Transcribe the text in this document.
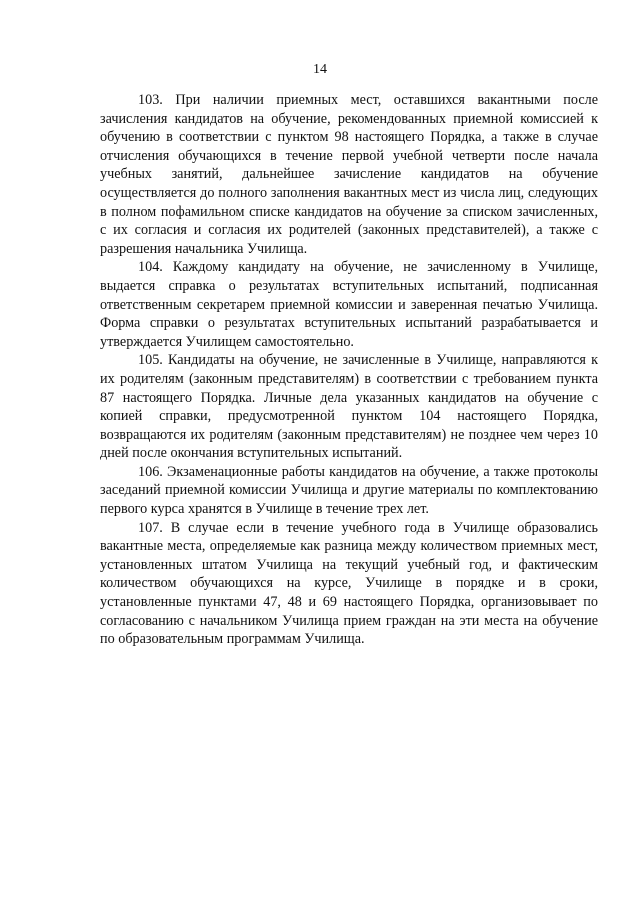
14

103. При наличии приемных мест, оставшихся вакантными после зачисления кандидатов на обучение, рекомендованных приемной комиссией к обучению в соответствии с пунктом 98 настоящего Порядка, а также в случае отчисления обучающихся в течение первой учебной четверти после начала учебных занятий, дальнейшее зачисление кандидатов на обучение осуществляется до полного заполнения вакантных мест из числа лиц, следующих в полном пофамильном списке кандидатов на обучение за списком зачисленных, с их согласия и согласия их родителей (законных представителей), а также с разрешения начальника Училища.

104. Каждому кандидату на обучение, не зачисленному в Училище, выдается справка о результатах вступительных испытаний, подписанная ответственным секретарем приемной комиссии и заверенная печатью Училища. Форма справки о результатах вступительных испытаний разрабатывается и утверждается Училищем самостоятельно.

105. Кандидаты на обучение, не зачисленные в Училище, направляются к их родителям (законным представителям) в соответствии с требованием пункта 87 настоящего Порядка. Личные дела указанных кандидатов на обучение с копией справки, предусмотренной пунктом 104 настоящего Порядка, возвращаются их родителям (законным представителям) не позднее чем через 10 дней после окончания вступительных испытаний.

106. Экзаменационные работы кандидатов на обучение, а также протоколы заседаний приемной комиссии Училища и другие материалы по комплектованию первого курса хранятся в Училище в течение трех лет.

107. В случае если в течение учебного года в Училище образовались вакантные места, определяемые как разница между количеством приемных мест, установленных штатом Училища на текущий учебный год, и фактическим количеством обучающихся на курсе, Училище в порядке и в сроки, установленные пунктами 47, 48 и 69 настоящего Порядка, организовывает по согласованию с начальником Училища прием граждан на эти места на обучение по образовательным программам Училища.
